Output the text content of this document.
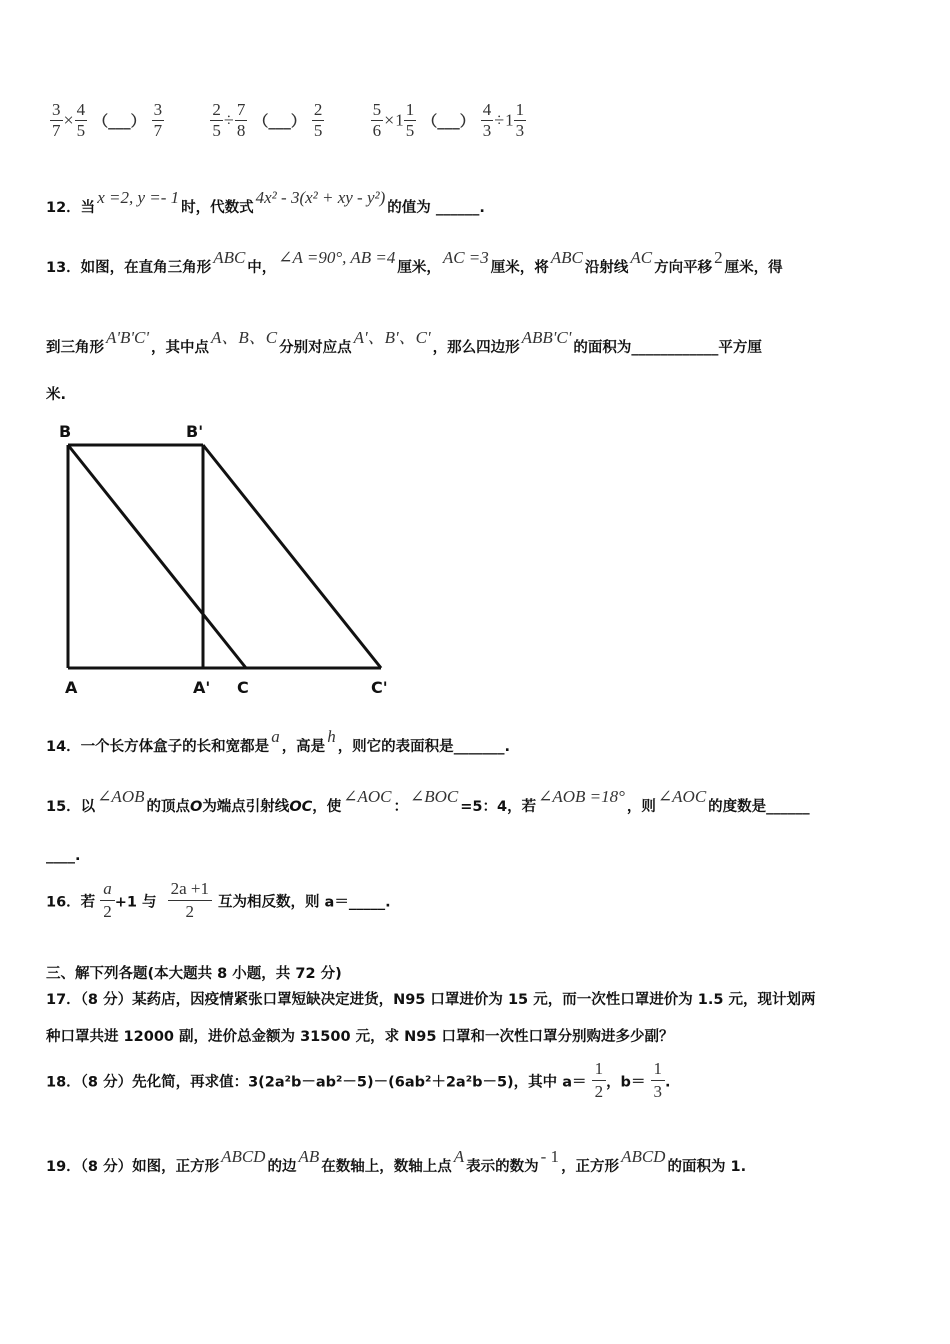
$\frac{3}{7} \times \frac{4}{5}$ （___） $\frac{3}{7}$
	$\frac{2}{5} \div \frac{7}{8}$ （___） $\frac{2}{5}$
	$\frac{5}{6} \times 1 \frac{1}{5}$ （___） $\frac{4}{3} \div 1 \frac{1}{3}$
12．当x =2, y =- 1时，代数式4x² - 3(x² + xy - y²)的值为 ______.
13．如图，在直角三角形ABC中，∠A =90°, AB =4厘米，AC =3厘米，将ABC沿射线AC方向平移2厘米，得
到三角形A'B'C'，其中点A、B、C分别对应点A'、B'、C'，那么四边形ABB'C'的面积为____________平方厘
米.
B	B'
A	A' C	C'
14．一个长方体盒子的长和宽都是a，高是h，则它的表面积是_______.
15．以∠AOB的顶点O为端点引射线OC，使∠AOC：∠BOC=5：4，若∠AOB =18°，则∠AOC的度数是______
____.
16．若 $\frac{a}{2} +1$ 与 $\frac{2a +1}{2}$ 互为相反数，则 a＝_____.
三、解下列各题(本大题共 8 小题，共 72 分)
17．（8 分）某药店，因疫情紧张口罩短缺决定进货，N95 口罩进价为 15 元，而一次性口罩进价为 1.5 元，现计划两
种口罩共进 12000 副，进价总金额为 31500 元，求 N95 口罩和一次性口罩分别购进多少副？
18．（8 分）先化简，再求值：3(2a²b－ab²－5)－(6ab²＋2a²b－5)，其中 $a= \frac{1}{2}$ ，$b= \frac{1}{3}$ .
19．（8 分）如图，正方形ABCD的边AB在数轴上，数轴上点A表示的数为- 1，正方形ABCD的面积为 1.
